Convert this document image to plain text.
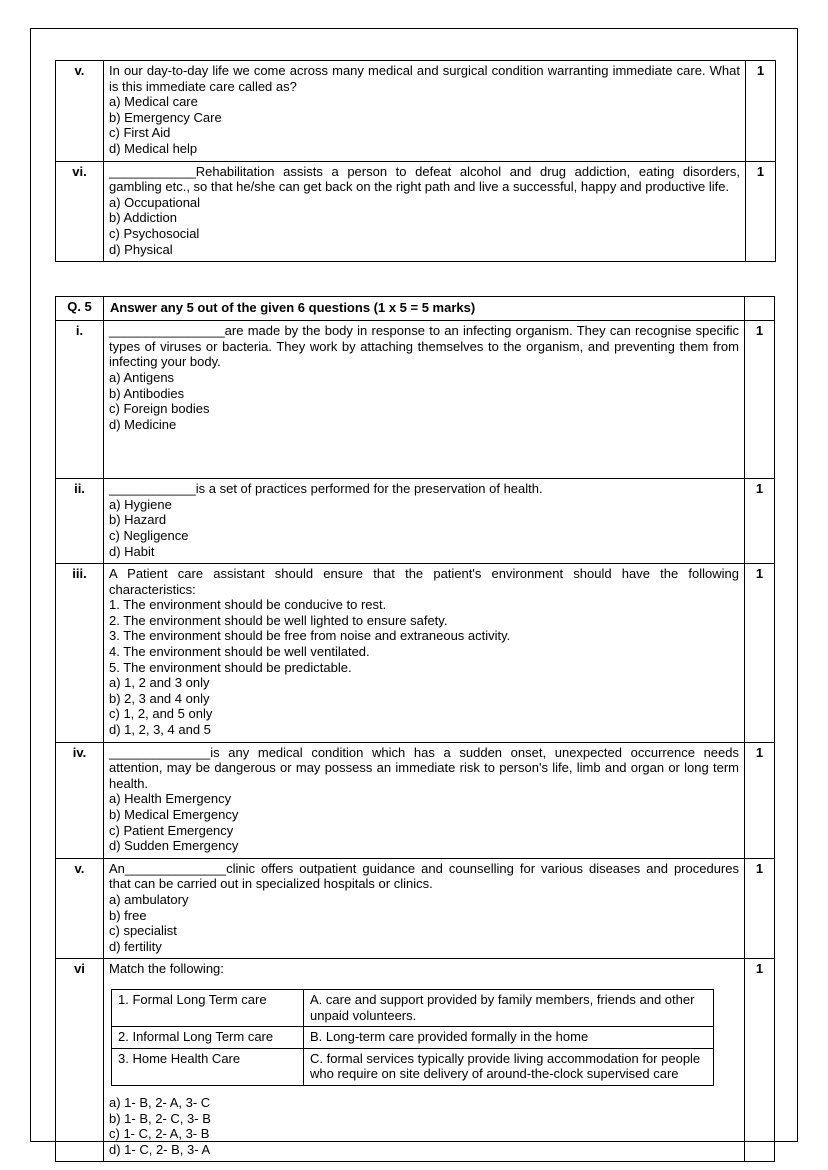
v.	In our day-to-day life we come across many medical and surgical condition warranting immediate care. What is this immediate care called as?
a) Medical care
b) Emergency Care
c) First Aid
d) Medical help	1
vi.	____________Rehabilitation assists a person to defeat alcohol and drug addiction, eating disorders, gambling etc., so that he/she can get back on the right path and live a successful, happy and productive life.
a) Occupational
b) Addiction
c) Psychosocial
d) Physical	1
Q. 5	Answer any 5 out of the given 6 questions (1 x 5 = 5 marks)	
i.	________________are made by the body in response to an infecting organism. They can recognise specific types of viruses or bacteria. They work by attaching themselves to the organism, and preventing them from infecting your body.
a) Antigens
b) Antibodies
c) Foreign bodies
d) Medicine
	1
ii.	____________is a set of practices performed for the preservation of health.
a) Hygiene
b) Hazard
c) Negligence
d) Habit
	1
iii.	A Patient care assistant should ensure that the patient's environment should have the following characteristics:
1. The environment should be conducive to rest.
2. The environment should be well lighted to ensure safety.
3. The environment should be free from noise and extraneous activity.
4. The environment should be well ventilated.
5. The environment should be predictable.
a) 1, 2 and 3 only
b) 2, 3 and 4 only
c) 1, 2, and 5 only
d) 1, 2, 3, 4 and 5
	1
iv.	______________is any medical condition which has a sudden onset, unexpected occurrence needs attention, may be dangerous or may possess an immediate risk to person's life, limb and organ or long term health.
a) Health Emergency
b) Medical Emergency
c) Patient Emergency
d) Sudden Emergency
	1
v.	An______________clinic offers outpatient guidance and counselling for various diseases and procedures that can be carried out in specialized hospitals or clinics.
a) ambulatory
b) free
c) specialist
d) fertility
	1
vi	Match the following:
1. Formal Long Term care	A. care and support provided by family members, friends and other unpaid volunteers.
2. Informal Long Term care	B. Long-term care provided formally in the home
3. Home Health Care	C. formal services typically provide living accommodation for people who require on site delivery of around-the-clock supervised care
a) 1- B, 2- A, 3- C
b) 1- B, 2- C, 3- B
c) 1- C, 2- A, 3- B
d) 1- C, 2- B, 3- A
	1
